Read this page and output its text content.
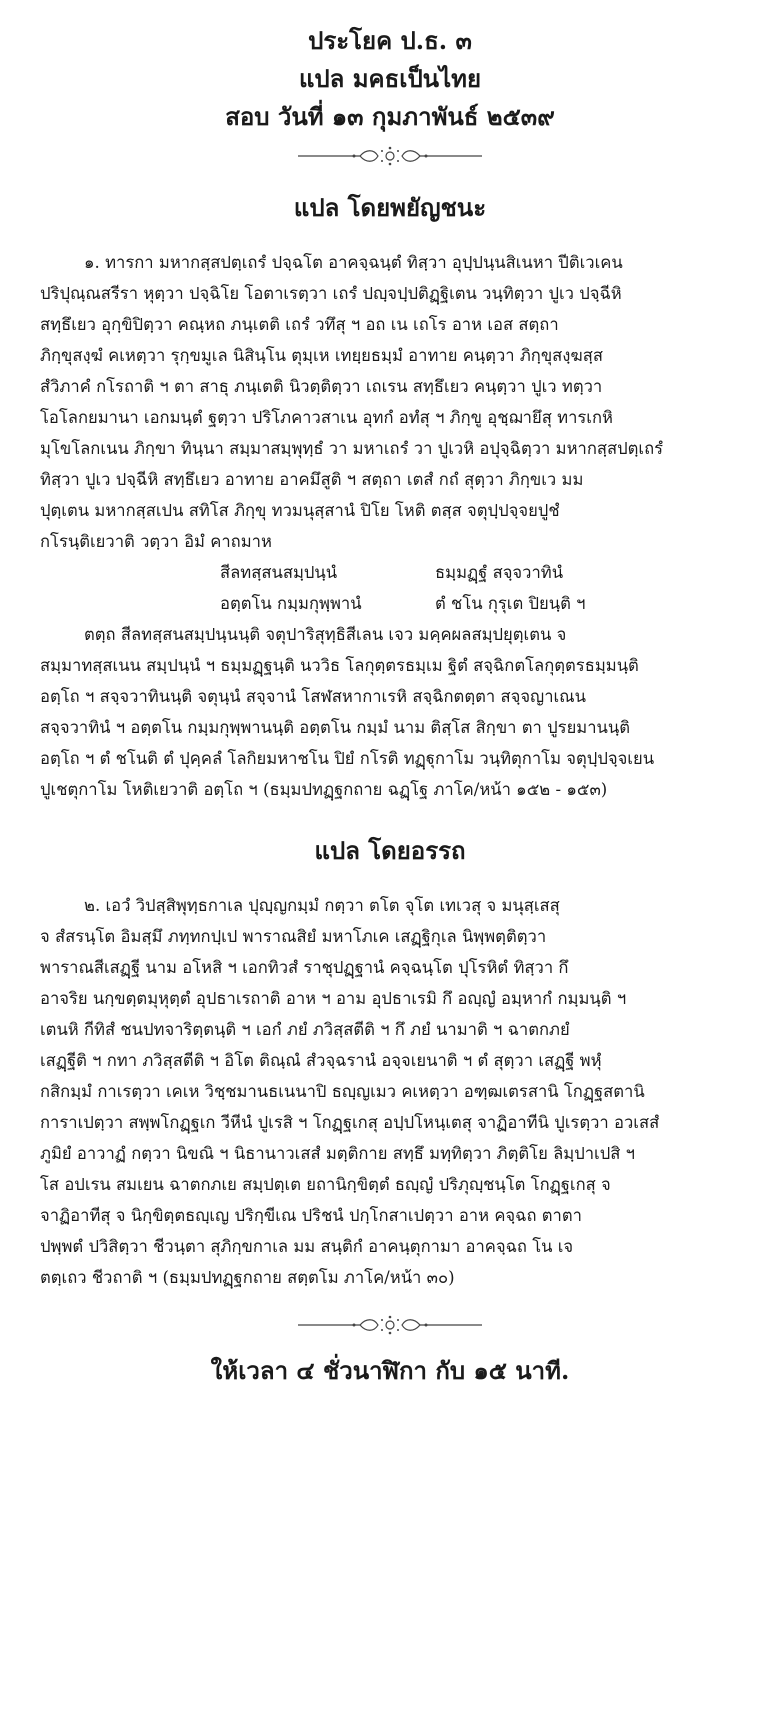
ประโยค ป.ธ. ๓
แปล มคธเป็นไทย
สอบ วันที่ ๑๓ กุมภาพันธ์ ๒๕๓๙
แปล โดยพยัญชนะ
๑. ทารกา มหากสฺสปตฺเถรํ ปจฺฉโต อาคจฺฉนฺตํ ทิสฺวา อุปฺปนฺนสิเนหา ปีติเวเคน
ปริปุณฺณสรีรา หุตฺวา ปจฺฉิโย โอตาเรตฺวา เถรํ ปญฺจปฺปติฏฺฐิเตน วนฺทิตฺวา ปูเว ปจฺฉีหิ
สทฺธึเยว อุกฺขิปิตฺวา คณฺหถ ภนฺเตติ เถรํ วทึสุ ฯ อถ เน เถโร อาห เอส สตฺถา
ภิกฺขุสงฺฆํ คเหตฺวา รุกฺขมูเล นิสินฺโน ตุมฺเห เทยฺยธมฺมํ อาทาย คนฺตฺวา ภิกฺขุสงฺฆสฺส
สํวิภาคํ กโรถาติ ฯ ตา สาธุ ภนฺเตติ นิวตฺติตฺวา เถเรน สทฺธึเยว คนฺตฺวา ปูเว ทตฺวา
โอโลกยมานา เอกมนฺตํ ฐตฺวา ปริโภคาวสาเน อุทกํ อทํสุ ฯ ภิกฺขู อุชฺฌายึสุ ทารเกหิ
มุโขโลกเนน ภิกฺขา ทินฺนา สมฺมาสมฺพุทฺธํ วา มหาเถรํ วา ปูเวหิ อปุจฺฉิตฺวา มหากสฺสปตฺเถรํ
ทิสฺวา ปูเว ปจฺฉีหิ สทฺธึเยว อาทาย อาคมึสูติ ฯ สตฺถา เตสํ กถํ สุตฺวา ภิกฺขเว มม
ปุตฺเตน มหากสฺสเปน สทิโส ภิกฺขุ ทวมนุสฺสานํ ปิโย โหติ ตสฺส จตุปฺปจฺจยปูชํ
กโรนฺติเยวาติ วตฺวา อิมํ คาถมาห
สีลทสฺสนสมฺปนฺนํ	ธมฺมฏฺฐํ สจฺจวาทินํ
อตฺตโน กมฺมกุพฺพานํ	ตํ ชโน กุรุเต ปิยนฺติ ฯ
ตตฺถ สีลทสฺสนสมฺปนฺนนฺติ จตุปาริสุทฺธิสีเลน เจว มคฺคผลสมฺปยุตฺเตน จ
สมฺมาทสฺสเนน สมฺปนฺนํ ฯ ธมฺมฏฺฐนฺติ นววิธ โลกุตฺตรธมฺเม ฐิตํ สจฺฉิกตโลกุตฺตรธมฺมนฺติ
อตฺโถ ฯ สจฺจวาทินนฺติ จตุนฺนํ สจฺจานํ โสฬสหากาเรหิ สจฺฉิกตตฺตา สจฺจญาเณน
สจฺจวาทินํ ฯ อตฺตโน กมฺมกุพฺพานนฺติ อตฺตโน กมฺมํ นาม ติสฺโส สิกฺขา ตา ปูรยมานนฺติ
อตฺโถ ฯ ตํ ชโนติ ตํ ปุคฺคลํ โลกิยมหาชโน ปิยํ กโรติ ทฏฺฐุกาโม วนฺทิตุกาโม จตุปฺปจฺจเยน
ปูเชตุกาโม โหติเยวาติ อตฺโถ ฯ (ธมฺมปทฏฺฐกถาย ฉฏฺโฐ ภาโค/หน้า ๑๕๒ - ๑๕๓)
แปล โดยอรรถ
๒. เอวํ วิปสฺสิพุทฺธกาเล ปุญฺญกมฺมํ กตฺวา ตโต จุโต เทเวสุ จ มนุสฺเสสุ
จ สํสรนฺโต อิมสฺมึ ภทฺทกปฺเป พาราณสิยํ มหาโภเค เสฏฺฐิกุเล นิพฺพตฺติตฺวา
พาราณสีเสฏฺฐี นาม อโหสิ ฯ เอกทิวสํ ราชุปฏฺฐานํ คจฺฉนฺโต ปุโรหิตํ ทิสฺวา กึ
อาจริย นกฺขตฺตมุหุตฺตํ อุปธาเรถาติ อาห ฯ อาม อุปธาเรมิ กึ อญฺญํ อมฺหากํ กมฺมนฺติ ฯ
เตนหิ กีทิสํ ชนปทจาริตฺตนฺติ ฯ เอกํ ภยํ ภวิสฺสตีติ ฯ กึ ภยํ นามาติ ฯ ฉาตกภยํ
เสฏฺฐีติ ฯ กทา ภวิสฺสตีติ ฯ อิโต ติณฺณํ สํวจฺฉรานํ อจฺจเยนาติ ฯ ตํ สุตฺวา เสฏฺฐี พหุํ
กสิกมฺมํ กาเรตฺวา เคเห วิชฺชมานธเนนาปิ ธญฺญเมว คเหตฺวา อฑฺฒเตรสานิ โกฏฺฐสตานิ
การาเปตฺวา สพฺพโกฏฺฐเก วีหีนํ ปูเรสิ ฯ โกฏฺฐเกสุ อปฺปโหนฺเตสุ จาฏิอาทีนิ ปูเรตฺวา อวเสสํ
ภูมิยํ อาวาฏํ กตฺวา นิขณิ ฯ นิธานาวเสสํ มตฺติกาย สทฺธึ มทฺทิตฺวา ภิตฺติโย ลิมฺปาเปสิ ฯ
โส อปเรน สมเยน ฉาตกภเย สมฺปตฺเต ยถานิกฺขิตฺตํ ธญฺญํ ปริภุญฺชนฺโต โกฏฺฐเกสุ จ
จาฏิอาทีสุ จ นิกฺขิตฺตธญฺเญ ปริกฺขีเณ ปริชนํ ปกฺโกสาเปตฺวา อาห คจฺฉถ ตาตา
ปพฺพตํ ปวิสิตฺวา ชีวนฺตา สุภิกฺขกาเล มม สนฺติกํ อาคนฺตุกามา อาคจฺฉถ โน เจ
ตตฺเถว ชีวถาติ ฯ (ธมฺมปทฏฺฐกถาย สตฺตโม ภาโค/หน้า ๓๐)
ให้เวลา ๔ ชั่วนาฬิกา กับ ๑๕ นาที.
